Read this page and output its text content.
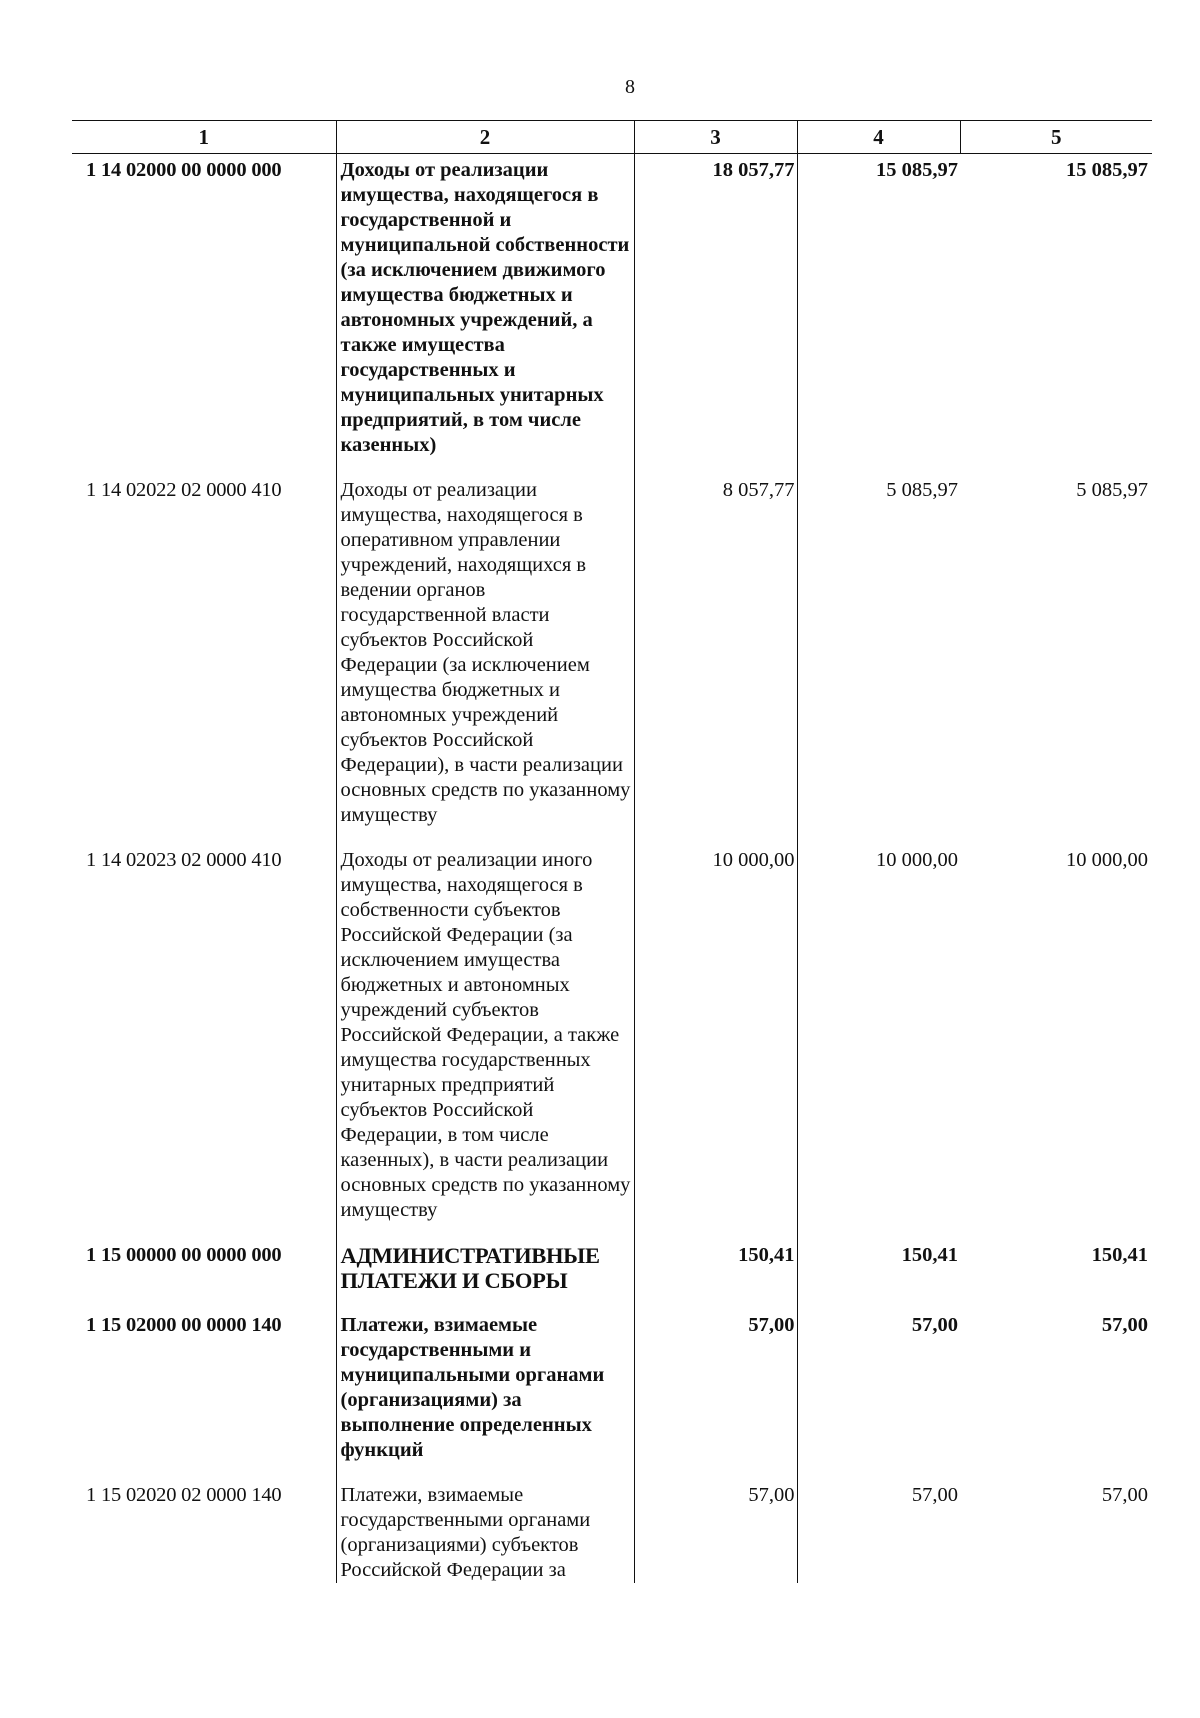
8
1	2	3	4	5
1 14 02000 00 0000 000	Доходы от реализации имущества, находящегося в государственной и муниципальной собственности (за исключением движимого имущества бюджетных и автономных учреждений, а также имущества государственных и муниципальных унитарных предприятий, в том числе казенных)	18 057,77	15 085,97	15 085,97
1 14 02022 02 0000 410	Доходы от реализации имущества, находящегося в оперативном управлении учреждений, находящихся в ведении органов государственной власти субъектов Российской Федерации (за исключением имущества бюджетных и автономных учреждений субъектов Российской Федерации), в части реализации основных средств по указанному имуществу	8 057,77	5 085,97	5 085,97
1 14 02023 02 0000 410	Доходы от реализации иного имущества, находящегося в собственности субъектов Российской Федерации (за исключением имущества бюджетных и автономных учреждений субъектов Российской Федерации, а также имущества государственных унитарных предприятий субъектов Российской Федерации, в том числе казенных), в части реализации основных средств по указанному имуществу	10 000,00	10 000,00	10 000,00
1 15 00000 00 0000 000	АДМИНИСТРАТИВНЫЕ ПЛАТЕЖИ И СБОРЫ	150,41	150,41	150,41
1 15 02000 00 0000 140	Платежи, взимаемые государственными и муниципальными органами (организациями) за выполнение определенных функций	57,00	57,00	57,00
1 15 02020 02 0000 140	Платежи, взимаемые государственными органами (организациями) субъектов Российской Федерации за	57,00	57,00	57,00
